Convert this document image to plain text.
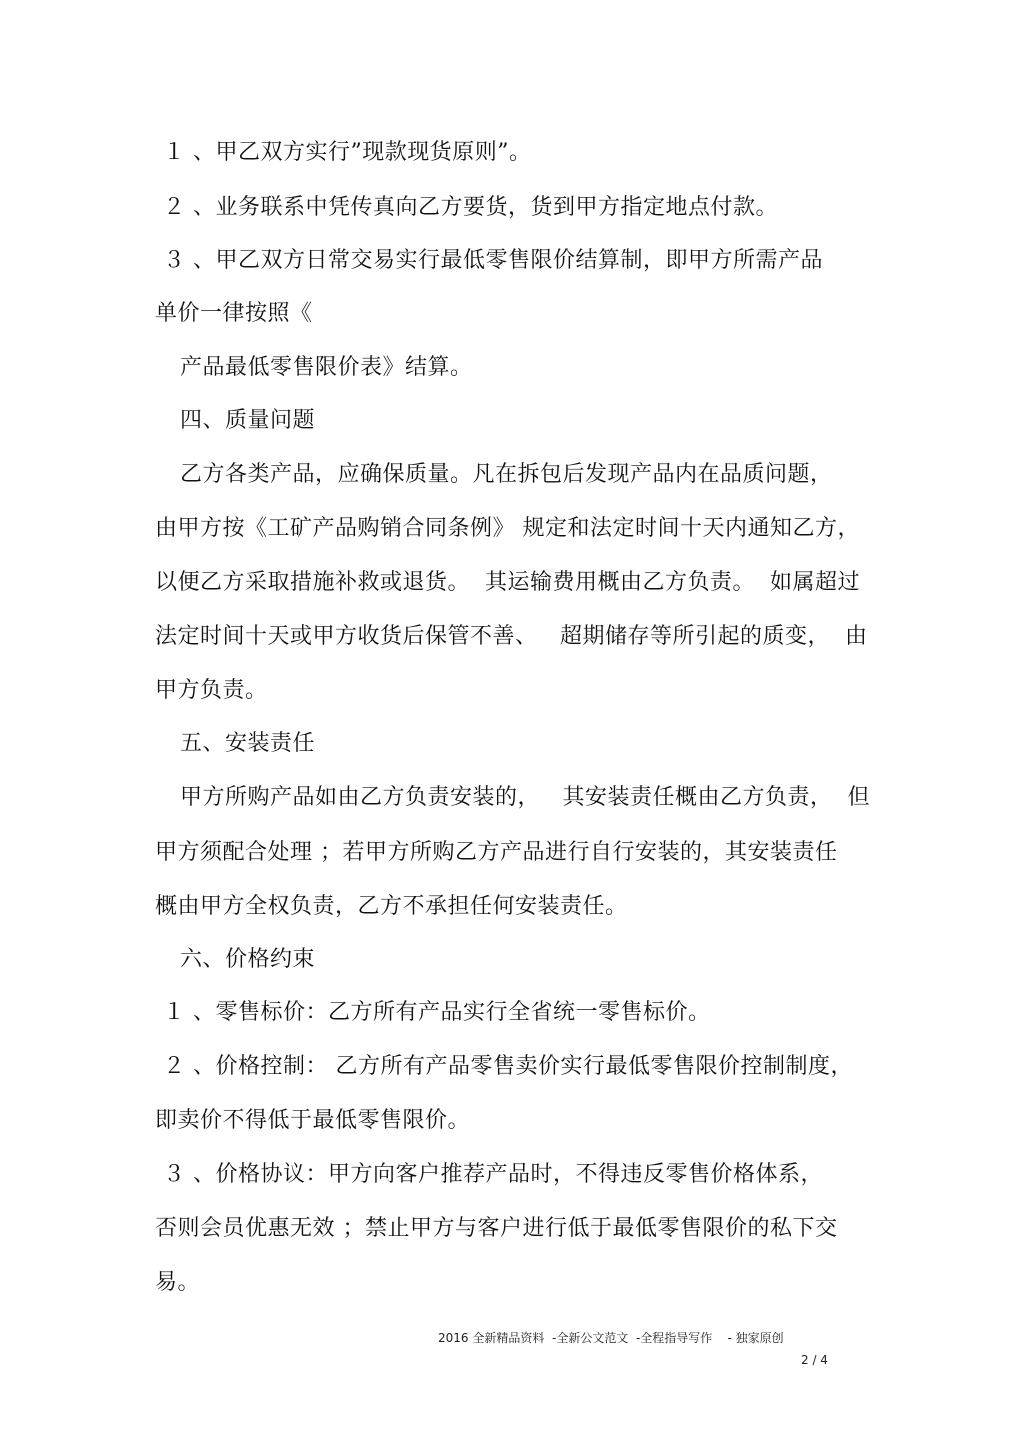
１ 、甲乙双方实行”现款现货原则”。
２ 、业务联系中凭传真向乙方要货，货到甲方指定地点付款。
３ 、甲乙双方日常交易实行最低零售限价结算制，即甲方所需产品
单价一律按照《
产品最低零售限价表》结算。
四、质量问题
乙方各类产品，应确保质量。凡在拆包后发现产品内在品质问题，
由甲方按《工矿产品购销合同条例》 规定和法定时间十天内通知乙方，
以便乙方采取措施补救或退货。  其运输费用概由乙方负责。  如属超过
法定时间十天或甲方收货后保管不善、   超期储存等所引起的质变，  由
甲方负责。
五、安装责任
甲方所购产品如由乙方负责安装的，   其安装责任概由乙方负责，  但
甲方须配合处理 ；若甲方所购乙方产品进行自行安装的，其安装责任
概由甲方全权负责，乙方不承担任何安装责任。
六、价格约束
１ 、零售标价：乙方所有产品实行全省统一零售标价。
２ 、价格控制： 乙方所有产品零售卖价实行最低零售限价控制制度，
即卖价不得低于最低零售限价。
３ 、价格协议：甲方向客户推荐产品时，不得违反零售价格体系，
否则会员优惠无效 ；禁止甲方与客户进行低于最低零售限价的私下交
易。
2016 全新精品资料  -全新公文范文  -全程指导写作    - 独家原创
2 / 4
